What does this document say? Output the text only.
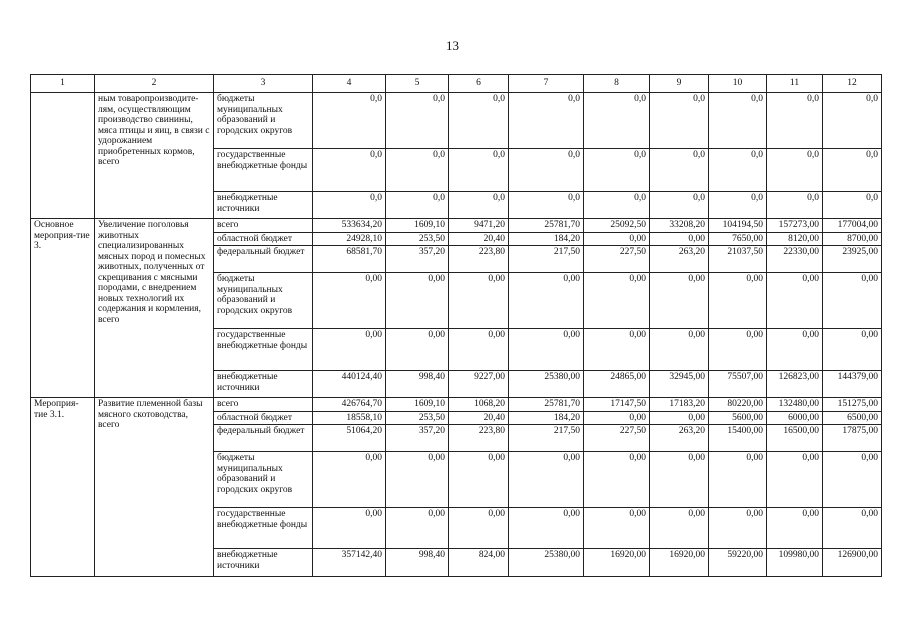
13
1	2	3	4	5	6	7	8	9	10	11	12
	ным товаропроизводите-лям, осуществляющим производство свинины, мяса птицы и яиц, в связи с удорожанием приобретенных кормов, всего	бюджеты муниципальных образований и городских округов	0,0	0,0	0,0	0,0	0,0	0,0	0,0	0,0	0,0
		государственные внебюджетные фонды	0,0	0,0	0,0	0,0	0,0	0,0	0,0	0,0	0,0
		внебюджетные источники	0,0	0,0	0,0	0,0	0,0	0,0	0,0	0,0	0,0
Основное мероприя-тие 3.	Увеличение поголовья животных специализированных мясных пород и помесных животных, полученных от скрещивания с мясными породами, с внедрением новых технологий их содержания и кормления, всего	всего	533634,20	1609,10	9471,20	25781,70	25092,50	33208,20	104194,50	157273,00	177004,00
		областной бюджет	24928,10	253,50	20,40	184,20	0,00	0,00	7650,00	8120,00	8700,00
		федеральный бюджет	68581,70	357,20	223,80	217,50	227,50	263,20	21037,50	22330,00	23925,00
		бюджеты муниципальных образований и городских округов	0,00	0,00	0,00	0,00	0,00	0,00	0,00	0,00	0,00
		государственные внебюджетные фонды	0,00	0,00	0,00	0,00	0,00	0,00	0,00	0,00	0,00
		внебюджетные источники	440124,40	998,40	9227,00	25380,00	24865,00	32945,00	75507,00	126823,00	144379,00
Мероприя-тие 3.1.	Развитие племенной базы мясного скотоводства, всего	всего	426764,70	1609,10	1068,20	25781,70	17147,50	17183,20	80220,00	132480,00	151275,00
		областной бюджет	18558,10	253,50	20,40	184,20	0,00	0,00	5600,00	6000,00	6500,00
		федеральный бюджет	51064,20	357,20	223,80	217,50	227,50	263,20	15400,00	16500,00	17875,00
		бюджеты муниципальных образований и городских округов	0,00	0,00	0,00	0,00	0,00	0,00	0,00	0,00	0,00
		государственные внебюджетные фонды	0,00	0,00	0,00	0,00	0,00	0,00	0,00	0,00	0,00
		внебюджетные источники	357142,40	998,40	824,00	25380,00	16920,00	16920,00	59220,00	109980,00	126900,00
